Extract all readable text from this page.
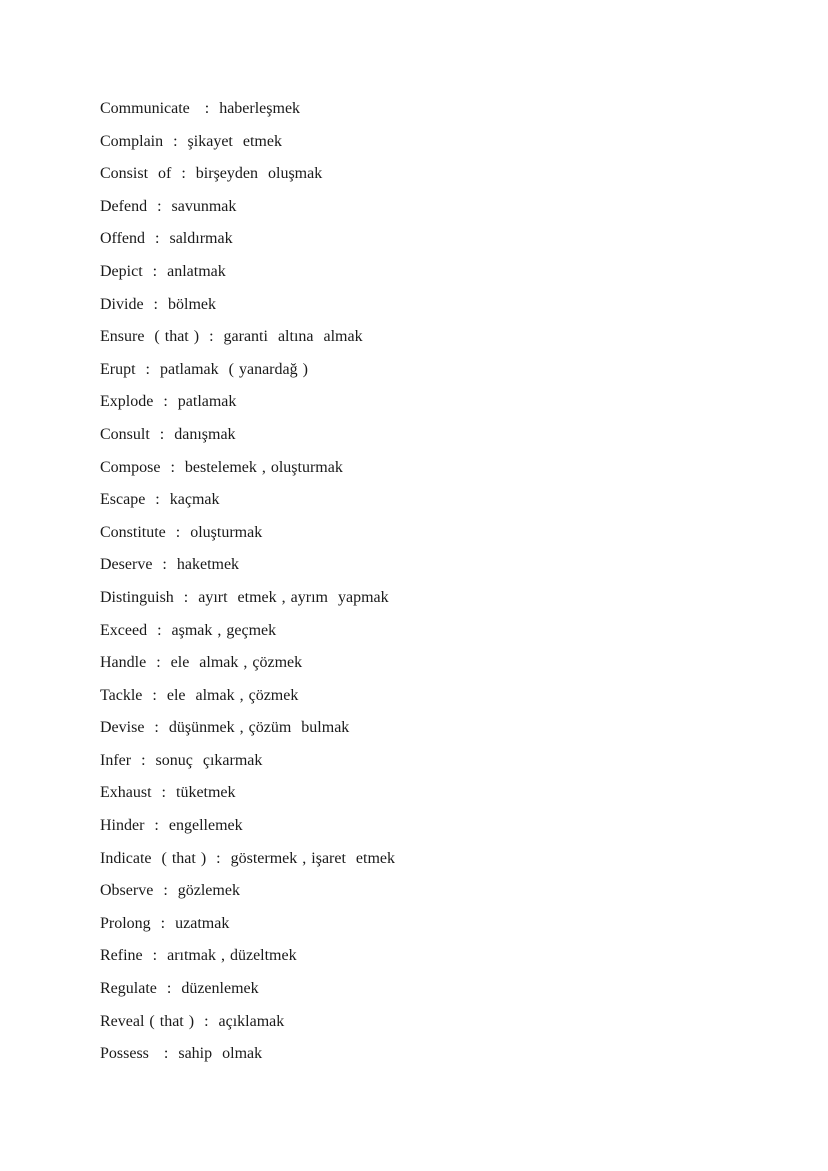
Communicate   :  haberleşmek
Complain  :  şikayet  etmek
Consist  of  :  birşeyden  oluşmak
Defend  :  savunmak
Offend  :  saldırmak
Depict  :  anlatmak
Divide  :  bölmek
Ensure  ( that )  :  garanti  altına  almak
Erupt  :  patlamak  ( yanardağ )
Explode  :  patlamak
Consult  :  danışmak
Compose  :  bestelemek , oluşturmak
Escape  :  kaçmak
Constitute  :  oluşturmak
Deserve  :  haketmek
Distinguish  :  ayırt  etmek , ayrım  yapmak
Exceed  :  aşmak , geçmek
Handle  :  ele  almak , çözmek
Tackle  :  ele  almak , çözmek
Devise  :  düşünmek , çözüm  bulmak
Infer  :  sonuç  çıkarmak
Exhaust  :  tüketmek
Hinder  :  engellemek
Indicate  ( that )  :  göstermek , işaret  etmek
Observe  :  gözlemek
Prolong  :  uzatmak
Refine  :  arıtmak , düzeltmek
Regulate  :  düzenlemek
Reveal ( that )  :  açıklamak
Possess   :  sahip  olmak
